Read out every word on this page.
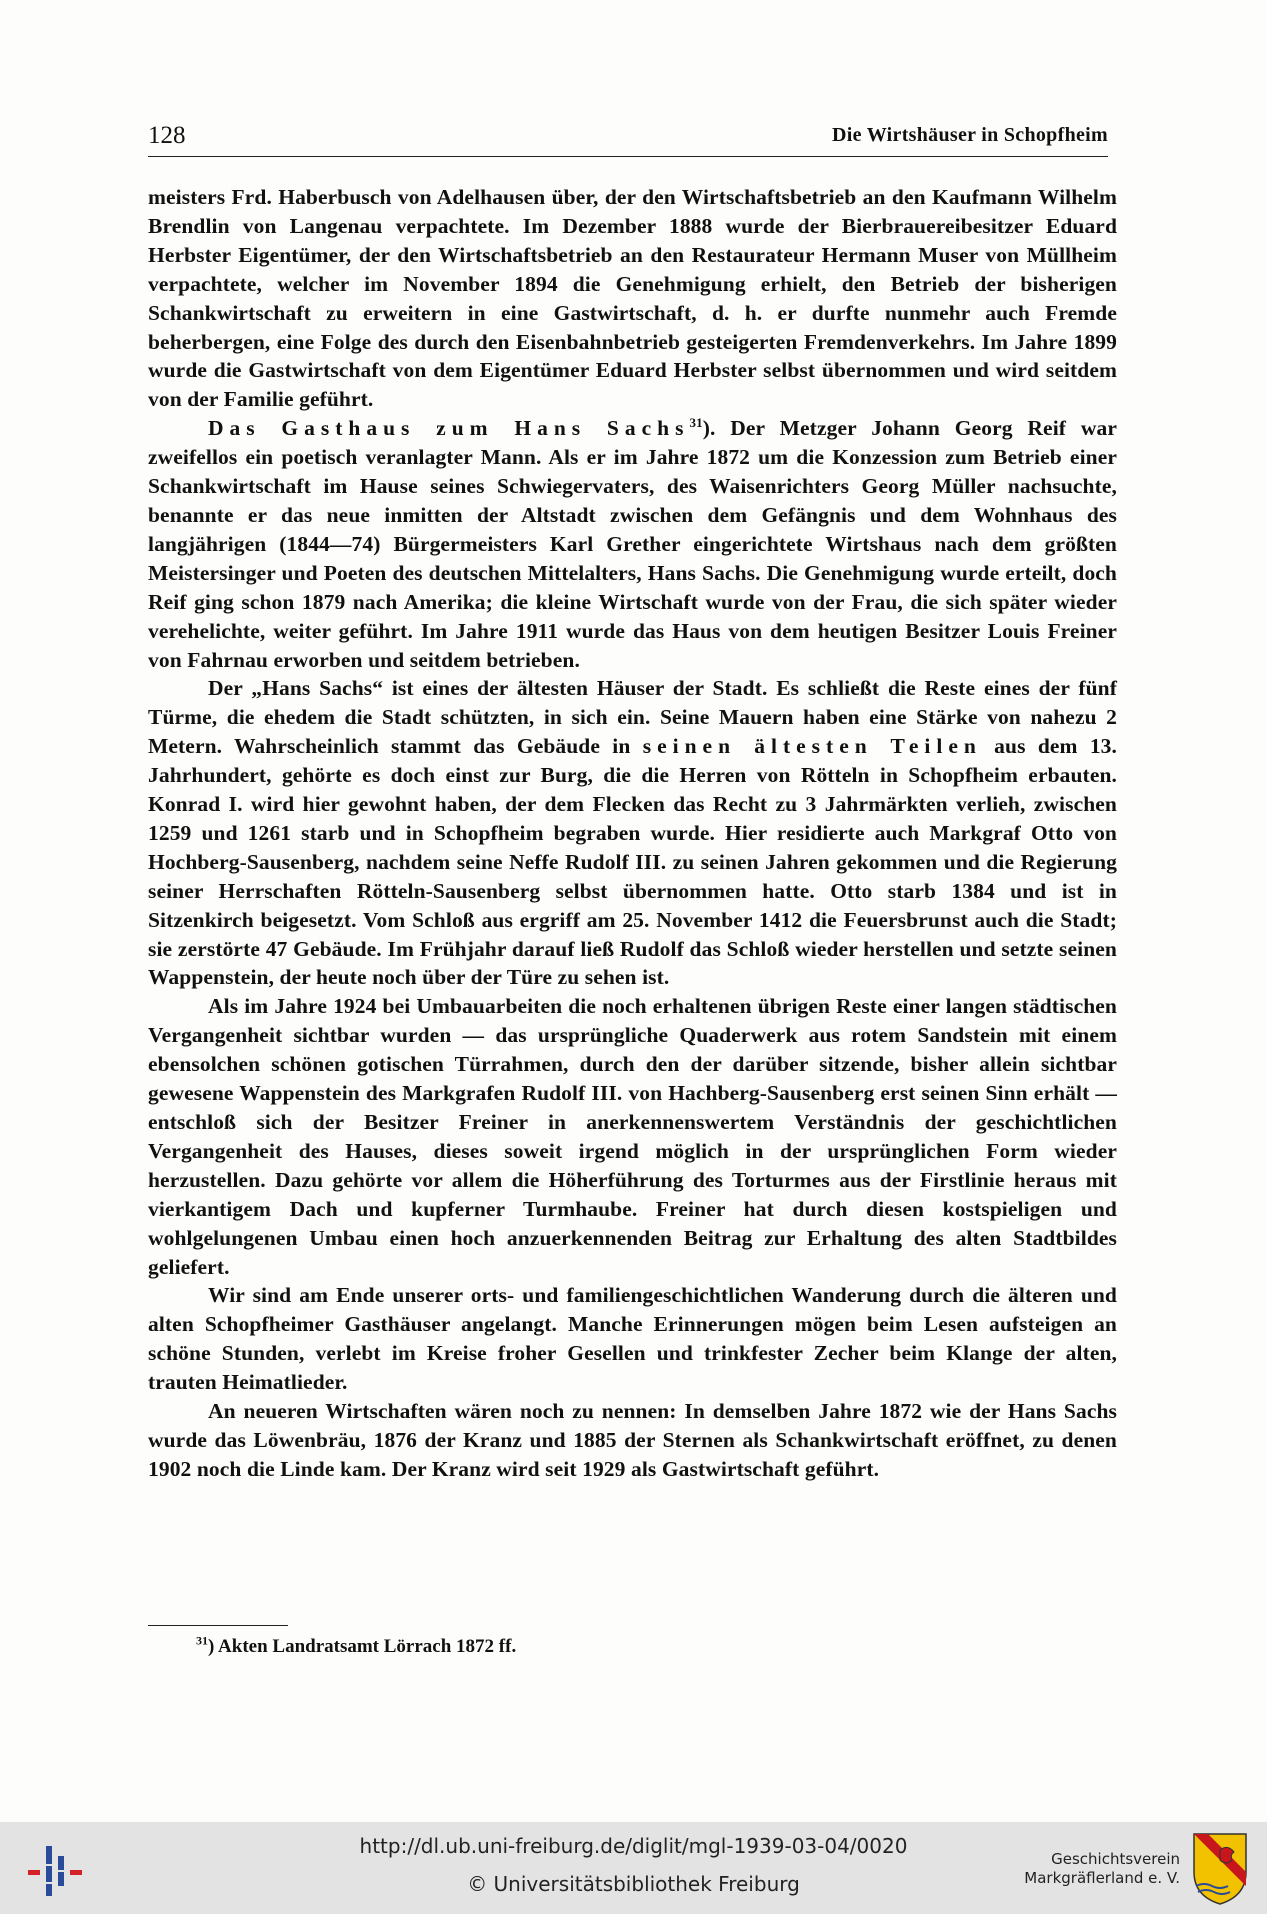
128	Die Wirtshäuser in Schopfheim

meisters Frd. Haberbusch von Adelhausen über, der den Wirtschaftsbetrieb an den Kaufmann Wilhelm Brendlin von Langenau verpachtete. Im Dezember 1888 wurde der Bierbrauereibesitzer Eduard Herbster Eigentümer, der den Wirtschaftsbetrieb an den Restaurateur Hermann Muser von Müllheim verpachtete, welcher im November 1894 die Genehmigung erhielt, den Betrieb der bisherigen Schankwirtschaft zu erweitern in eine Gastwirtschaft, d. h. er durfte nunmehr auch Fremde beherbergen, eine Folge des durch den Eisenbahnbetrieb gesteigerten Fremdenverkehrs. Im Jahre 1899 wurde die Gastwirtschaft von dem Eigentümer Eduard Herbster selbst übernommen und wird seitdem von der Familie geführt.

Das Gasthaus zum Hans Sachs$^{31}$). Der Metzger Johann Georg Reif war zweifellos ein poetisch veranlagter Mann. Als er im Jahre 1872 um die Konzession zum Betrieb einer Schankwirtschaft im Hause seines Schwiegervaters, des Waisenrichters Georg Müller nachsuchte, benannte er das neue inmitten der Altstadt zwischen dem Gefängnis und dem Wohnhaus des langjährigen (1844—74) Bürgermeisters Karl Grether eingerichtete Wirtshaus nach dem größten Meistersinger und Poeten des deutschen Mittelalters, Hans Sachs. Die Genehmigung wurde erteilt, doch Reif ging schon 1879 nach Amerika; die kleine Wirtschaft wurde von der Frau, die sich später wieder verehelichte, weiter geführt. Im Jahre 1911 wurde das Haus von dem heutigen Besitzer Louis Freiner von Fahrnau erworben und seitdem betrieben.

Der „Hans Sachs“ ist eines der ältesten Häuser der Stadt. Es schließt die Reste eines der fünf Türme, die ehedem die Stadt schützten, in sich ein. Seine Mauern haben eine Stärke von nahezu 2 Metern. Wahrscheinlich stammt das Gebäude in seinen ältesten Teilen aus dem 13. Jahrhundert, gehörte es doch einst zur Burg, die die Herren von Rötteln in Schopfheim erbauten. Konrad I. wird hier gewohnt haben, der dem Flecken das Recht zu 3 Jahrmärkten verlieh, zwischen 1259 und 1261 starb und in Schopfheim begraben wurde. Hier residierte auch Markgraf Otto von Hochberg-Sausenberg, nachdem seine Neffe Rudolf III. zu seinen Jahren gekommen und die Regierung seiner Herrschaften Rötteln-Sausenberg selbst übernommen hatte. Otto starb 1384 und ist in Sitzenkirch beigesetzt. Vom Schloß aus ergriff am 25. November 1412 die Feuersbrunst auch die Stadt; sie zerstörte 47 Gebäude. Im Frühjahr darauf ließ Rudolf das Schloß wieder herstellen und setzte seinen Wappenstein, der heute noch über der Türe zu sehen ist.

Als im Jahre 1924 bei Umbauarbeiten die noch erhaltenen übrigen Reste einer langen städtischen Vergangenheit sichtbar wurden — das ursprüngliche Quaderwerk aus rotem Sandstein mit einem ebensolchen schönen gotischen Türrahmen, durch den der darüber sitzende, bisher allein sichtbar gewesene Wappenstein des Markgrafen Rudolf III. von Hachberg-Sausenberg erst seinen Sinn erhält — entschloß sich der Besitzer Freiner in anerkennenswertem Verständnis der geschichtlichen Vergangenheit des Hauses, dieses soweit irgend möglich in der ursprünglichen Form wieder herzustellen. Dazu gehörte vor allem die Höherführung des Torturmes aus der Firstlinie heraus mit vierkantigem Dach und kupferner Turmhaube. Freiner hat durch diesen kostspieligen und wohlgelungenen Umbau einen hoch anzuerkennenden Beitrag zur Erhaltung des alten Stadtbildes geliefert.

Wir sind am Ende unserer orts- und familiengeschichtlichen Wanderung durch die älteren und alten Schopfheimer Gasthäuser angelangt. Manche Erinnerungen mögen beim Lesen aufsteigen an schöne Stunden, verlebt im Kreise froher Gesellen und trinkfester Zecher beim Klange der alten, trauten Heimatlieder.

An neueren Wirtschaften wären noch zu nennen: In demselben Jahre 1872 wie der Hans Sachs wurde das Löwenbräu, 1876 der Kranz und 1885 der Sternen als Schankwirtschaft eröffnet, zu denen 1902 noch die Linde kam. Der Kranz wird seit 1929 als Gastwirtschaft geführt.

$^{31}$) Akten Landratsamt Lörrach 1872 ff.
http://dl.ub.uni-freiburg.de/diglit/mgl-1939-03-04/0020
© Universitätsbibliothek Freiburg
Geschichtsverein
Markgräflerland e. V.
